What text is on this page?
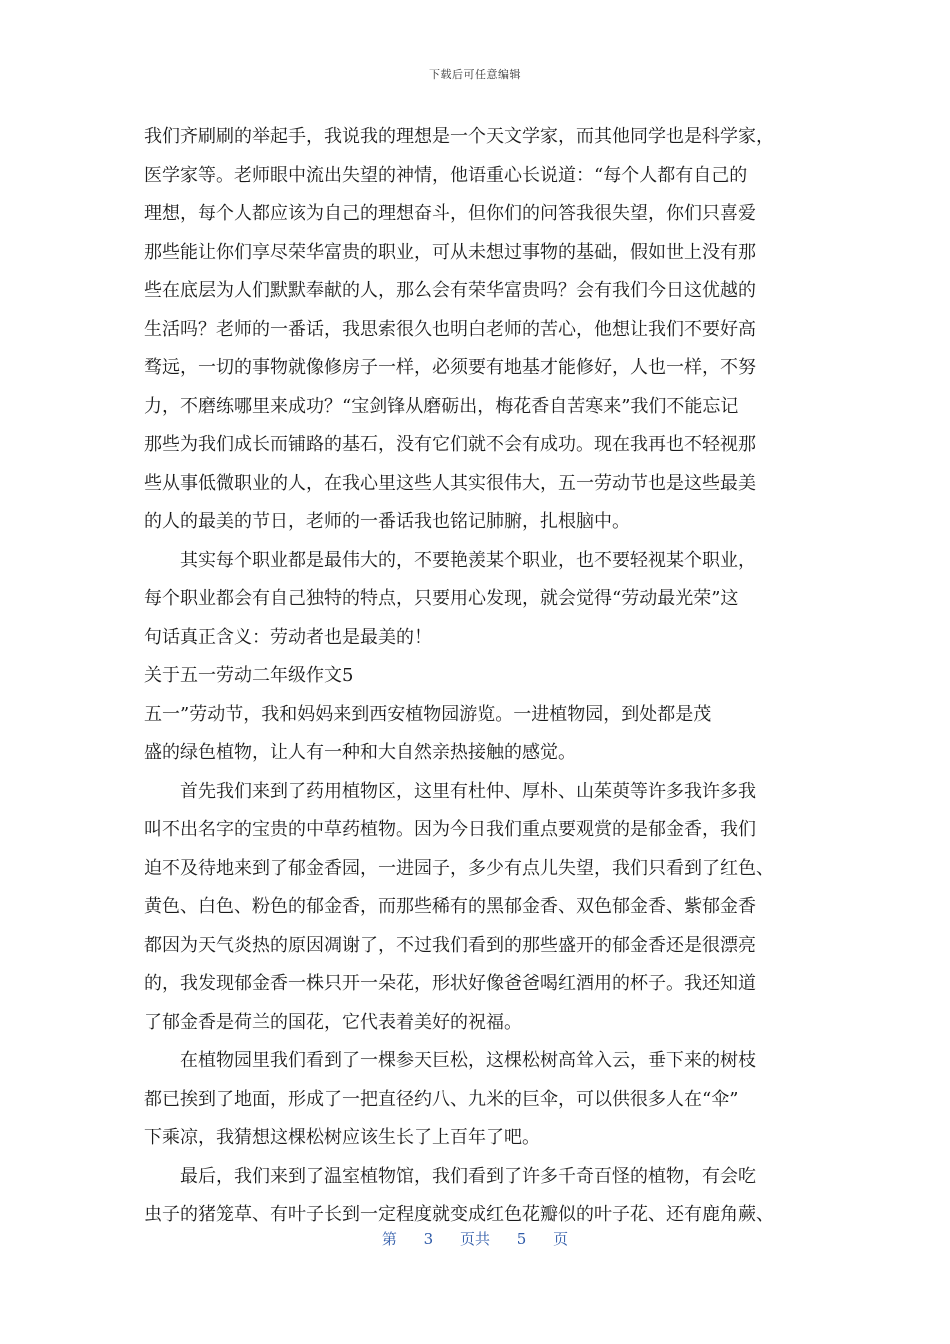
下载后可任意编辑
我们齐刷刷的举起手，我说我的理想是一个天文学家，而其他同学也是科学家，
医学家等。老师眼中流出失望的神情，他语重心长说道：“每个人都有自己的
理想，每个人都应该为自己的理想奋斗，但你们的问答我很失望，你们只喜爱
那些能让你们享尽荣华富贵的职业，可从未想过事物的基础，假如世上没有那
些在底层为人们默默奉献的人，那么会有荣华富贵吗？会有我们今日这优越的
生活吗？老师的一番话，我思索很久也明白老师的苦心，他想让我们不要好高
骛远，一切的事物就像修房子一样，必须要有地基才能修好，人也一样，不努
力，不磨练哪里来成功？“宝剑锋从磨砺出，梅花香自苦寒来”我们不能忘记
那些为我们成长而铺路的基石，没有它们就不会有成功。现在我再也不轻视那
些从事低微职业的人，在我心里这些人其实很伟大，五一劳动节也是这些最美
的人的最美的节日，老师的一番话我也铭记肺腑，扎根脑中。
其实每个职业都是最伟大的，不要艳羡某个职业，也不要轻视某个职业，
每个职业都会有自己独特的特点，只要用心发现，就会觉得“劳动最光荣”这
句话真正含义：劳动者也是最美的！
关于五一劳动二年级作文5
五一”劳动节，我和妈妈来到西安植物园游览。一进植物园，到处都是茂
盛的绿色植物，让人有一种和大自然亲热接触的感觉。
首先我们来到了药用植物区，这里有杜仲、厚朴、山茱萸等许多我许多我
叫不出名字的宝贵的中草药植物。因为今日我们重点要观赏的是郁金香，我们
迫不及待地来到了郁金香园，一进园子，多少有点儿失望，我们只看到了红色、
黄色、白色、粉色的郁金香，而那些稀有的黑郁金香、双色郁金香、紫郁金香
都因为天气炎热的原因凋谢了，不过我们看到的那些盛开的郁金香还是很漂亮
的，我发现郁金香一株只开一朵花，形状好像爸爸喝红酒用的杯子。我还知道
了郁金香是荷兰的国花，它代表着美好的祝福。
在植物园里我们看到了一棵参天巨松，这棵松树高耸入云，垂下来的树枝
都已挨到了地面，形成了一把直径约八、九米的巨伞，可以供很多人在“伞”
下乘凉，我猜想这棵松树应该生长了上百年了吧。
最后，我们来到了温室植物馆，我们看到了许多千奇百怪的植物，有会吃
虫子的猪笼草、有叶子长到一定程度就变成红色花瓣似的叶子花、还有鹿角蕨、
第 3 页共 5 页
